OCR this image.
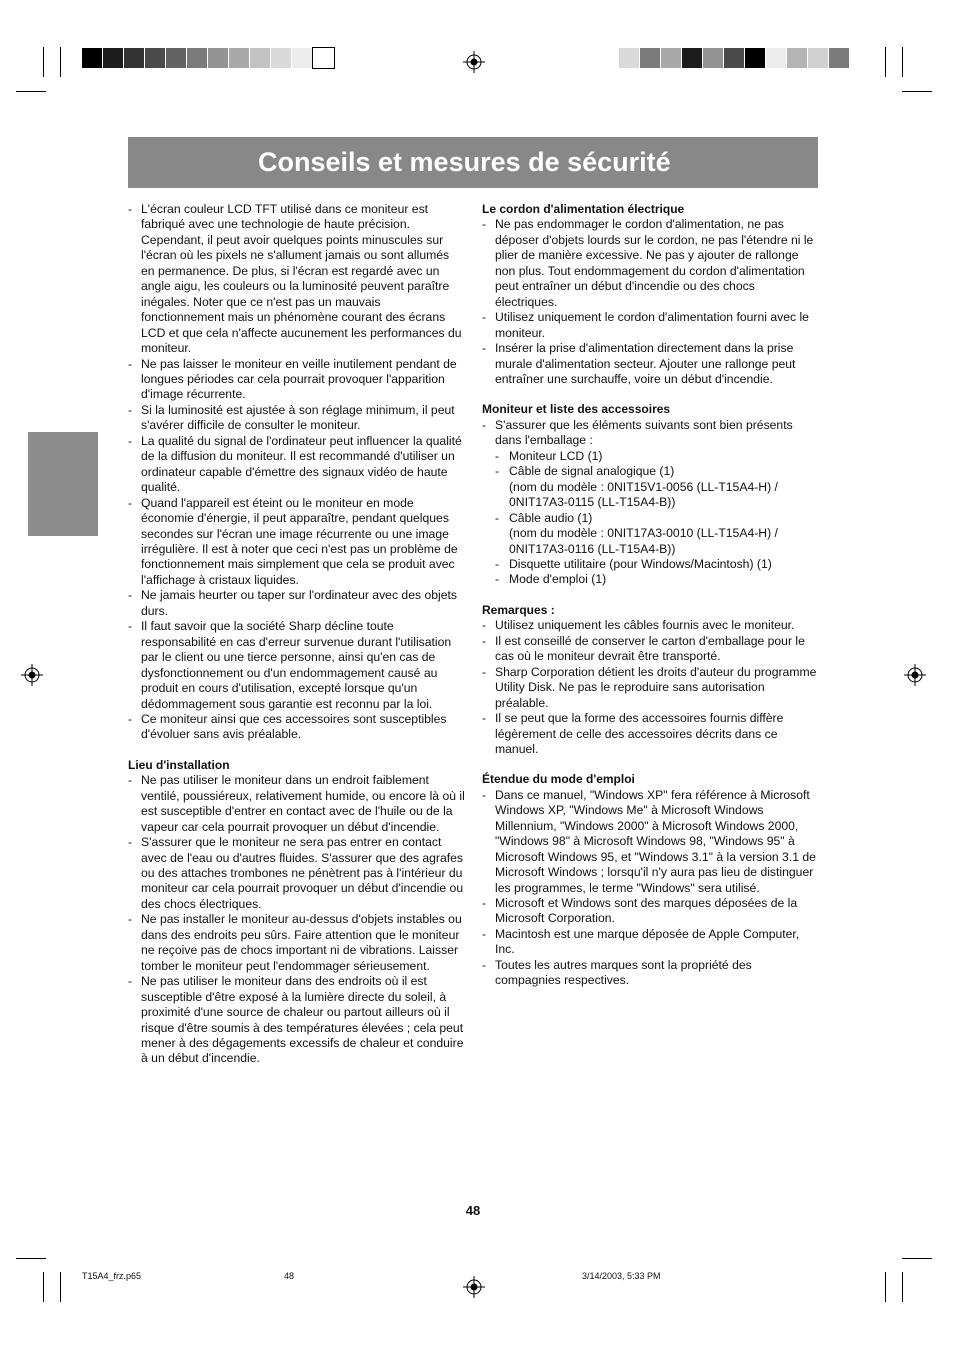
Conseils et mesures de sécurité
- L'écran couleur LCD TFT utilisé dans ce moniteur est fabriqué avec une technologie de haute précision. Cependant, il peut avoir quelques points minuscules sur l'écran où les pixels ne s'allument jamais ou sont allumés en permanence. De plus, si l'écran est regardé avec un angle aigu, les couleurs ou la luminosité peuvent paraître inégales. Noter que ce n'est pas un mauvais fonctionnement mais un phénomène courant des écrans LCD et que cela n'affecte aucunement les performances du moniteur.
- Ne pas laisser le moniteur en veille inutilement pendant de longues périodes car cela pourrait provoquer l'apparition d'image récurrente.
- Si la luminosité est ajustée à son réglage minimum, il peut s'avérer difficile de consulter le moniteur.
- La qualité du signal de l'ordinateur peut influencer la qualité de la diffusion du moniteur. Il est recommandé d'utiliser un ordinateur capable d'émettre des signaux vidéo de haute qualité.
- Quand l'appareil est éteint ou le moniteur en mode économie d'énergie, il peut apparaître, pendant quelques secondes sur l'écran une image récurrente ou une image irrégulière. Il est à noter que ceci n'est pas un problème de fonctionnement mais simplement que cela se produit avec l'affichage à cristaux liquides.
- Ne jamais heurter ou taper sur l'ordinateur avec des objets durs.
- Il faut savoir que la société Sharp décline toute responsabilité en cas d'erreur survenue durant l'utilisation par le client ou une tierce personne, ainsi qu'en cas de dysfonctionnement ou d'un endommagement causé au produit en cours d'utilisation, excepté lorsque qu'un dédommagement sous garantie est reconnu par la loi.
- Ce moniteur ainsi que ces accessoires sont susceptibles d'évoluer sans avis préalable.

Lieu d'installation

- Ne pas utiliser le moniteur dans un endroit faiblement ventilé, poussiéreux, relativement humide, ou encore là où il est susceptible d'entrer en contact avec de l'huile ou de la vapeur car cela pourrait provoquer un début d'incendie.
- S'assurer que le moniteur ne sera pas entrer en contact avec de l'eau ou d'autres fluides. S'assurer que des agrafes ou des attaches trombones ne pénètrent pas à l'intérieur du moniteur car cela pourrait provoquer un début d'incendie ou des chocs électriques.
- Ne pas installer le moniteur au-dessus d'objets instables ou dans des endroits peu sûrs. Faire attention que le moniteur ne reçoive pas de chocs important ni de vibrations. Laisser tomber le moniteur peut l'endommager sérieusement.
- Ne pas utiliser le moniteur dans des endroits où il est susceptible d'être exposé à la lumière directe du soleil, à proximité d'une source de chaleur ou partout ailleurs où il risque d'être soumis à des températures élevées ; cela peut mener à des dégagements excessifs de chaleur et conduire à un début d'incendie.

Le cordon d'alimentation électrique

- Ne pas endommager le cordon d'alimentation, ne pas déposer d'objets lourds sur le cordon, ne pas l'étendre ni le plier de manière excessive. Ne pas y ajouter de rallonge non plus. Tout endommagement du cordon d'alimentation peut entraîner un début d'incendie ou des chocs électriques.
- Utilisez uniquement le cordon d'alimentation fourni avec le moniteur.
- Insérer la prise d'alimentation directement dans la prise murale d'alimentation secteur. Ajouter une rallonge peut entraîner une surchauffe, voire un début d'incendie.

Moniteur et liste des accessoires

- S'assurer que les éléments suivants sont bien présents dans l'emballage :
- Moniteur LCD (1)
- Câble de signal analogique (1)
(nom du modèle : 0NIT15V1-0056 (LL-T15A4-H) / 0NIT17A3-0115 (LL-T15A4-B))
- Câble audio (1)
(nom du modèle : 0NIT17A3-0010 (LL-T15A4-H) / 0NIT17A3-0116 (LL-T15A4-B))
- Disquette utilitaire (pour Windows/Macintosh) (1)
- Mode d'emploi (1)

Remarques :

- Utilisez uniquement les câbles fournis avec le moniteur.
- Il est conseillé de conserver le carton d'emballage pour le cas où le moniteur devrait être transporté.
- Sharp Corporation détient les droits d'auteur du programme Utility Disk. Ne pas le reproduire sans autorisation préalable.
- Il se peut que la forme des accessoires fournis diffère légèrement de celle des accessoires décrits dans ce manuel.

Étendue du mode d'emploi

- Dans ce manuel, "Windows XP" fera référence à Microsoft Windows XP, "Windows Me" à Microsoft Windows Millennium, "Windows 2000" à Microsoft Windows 2000, "Windows 98" à Microsoft Windows 98, "Windows 95" à Microsoft Windows 95, et "Windows 3.1" à la version 3.1 de Microsoft Windows ; lorsqu'il n'y aura pas lieu de distinguer les programmes, le terme "Windows" sera utilisé.
- Microsoft et Windows sont des marques déposées de la Microsoft Corporation.
- Macintosh est une marque déposée de Apple Computer, Inc.
- Toutes les autres marques sont la propriété des compagnies respectives.
48
T15A4_frz.p65	48	3/14/2003, 5:33 PM
